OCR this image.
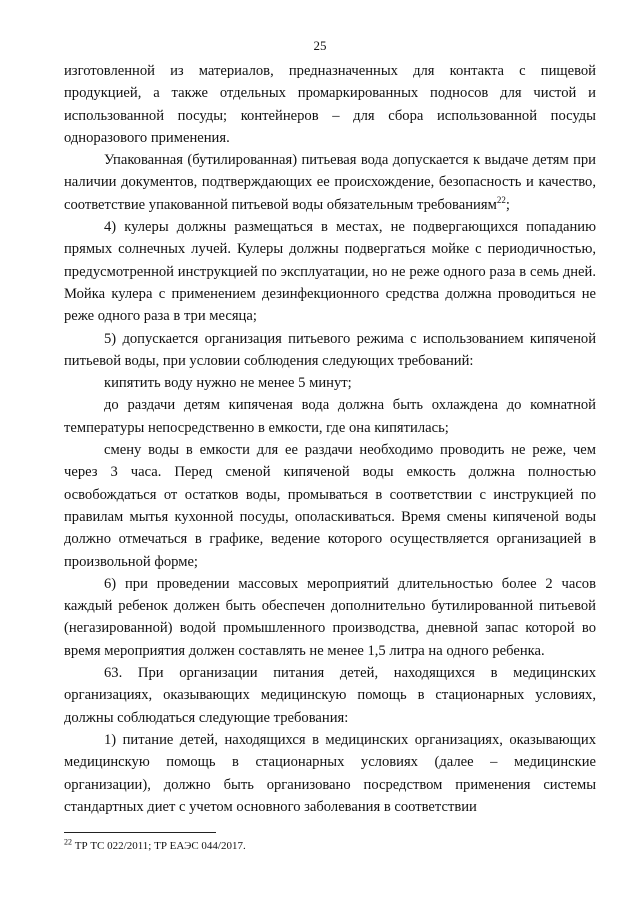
25

изготовленной из материалов, предназначенных для контакта с пищевой продукцией, а также отдельных промаркированных подносов для чистой и использованной посуды; контейнеров – для сбора использованной посуды одноразового применения.

Упакованная (бутилированная) питьевая вода допускается к выдаче детям при наличии документов, подтверждающих ее происхождение, безопасность и качество, соответствие упакованной питьевой воды обязательным требованиям$^{22}$;

4) кулеры должны размещаться в местах, не подвергающихся попаданию прямых солнечных лучей. Кулеры должны подвергаться мойке с периодичностью, предусмотренной инструкцией по эксплуатации, но не реже одного раза в семь дней. Мойка кулера с применением дезинфекционного средства должна проводиться не реже одного раза в три месяца;

5) допускается организация питьевого режима с использованием кипяченой питьевой воды, при условии соблюдения следующих требований:

кипятить воду нужно не менее 5 минут;

до раздачи детям кипяченая вода должна быть охлаждена до комнатной температуры непосредственно в емкости, где она кипятилась;

смену воды в емкости для ее раздачи необходимо проводить не реже, чем через 3 часа. Перед сменой кипяченой воды емкость должна полностью освобождаться от остатков воды, промываться в соответствии с инструкцией по правилам мытья кухонной посуды, ополаскиваться. Время смены кипяченой воды должно отмечаться в графике, ведение которого осуществляется организацией в произвольной форме;

6) при проведении массовых мероприятий длительностью более 2 часов каждый ребенок должен быть обеспечен дополнительно бутилированной питьевой (негазированной) водой промышленного производства, дневной запас которой во время мероприятия должен составлять не менее 1,5 литра на одного ребенка.

63. При организации питания детей, находящихся в медицинских организациях, оказывающих медицинскую помощь в стационарных условиях, должны соблюдаться следующие требования:

1) питание детей, находящихся в медицинских организациях, оказывающих медицинскую помощь в стационарных условиях (далее – медицинские организации), должно быть организовано посредством применения системы стандартных диет с учетом основного заболевания в соответствии

$^{22}$ ТР ТС 022/2011; ТР ЕАЭС 044/2017.
